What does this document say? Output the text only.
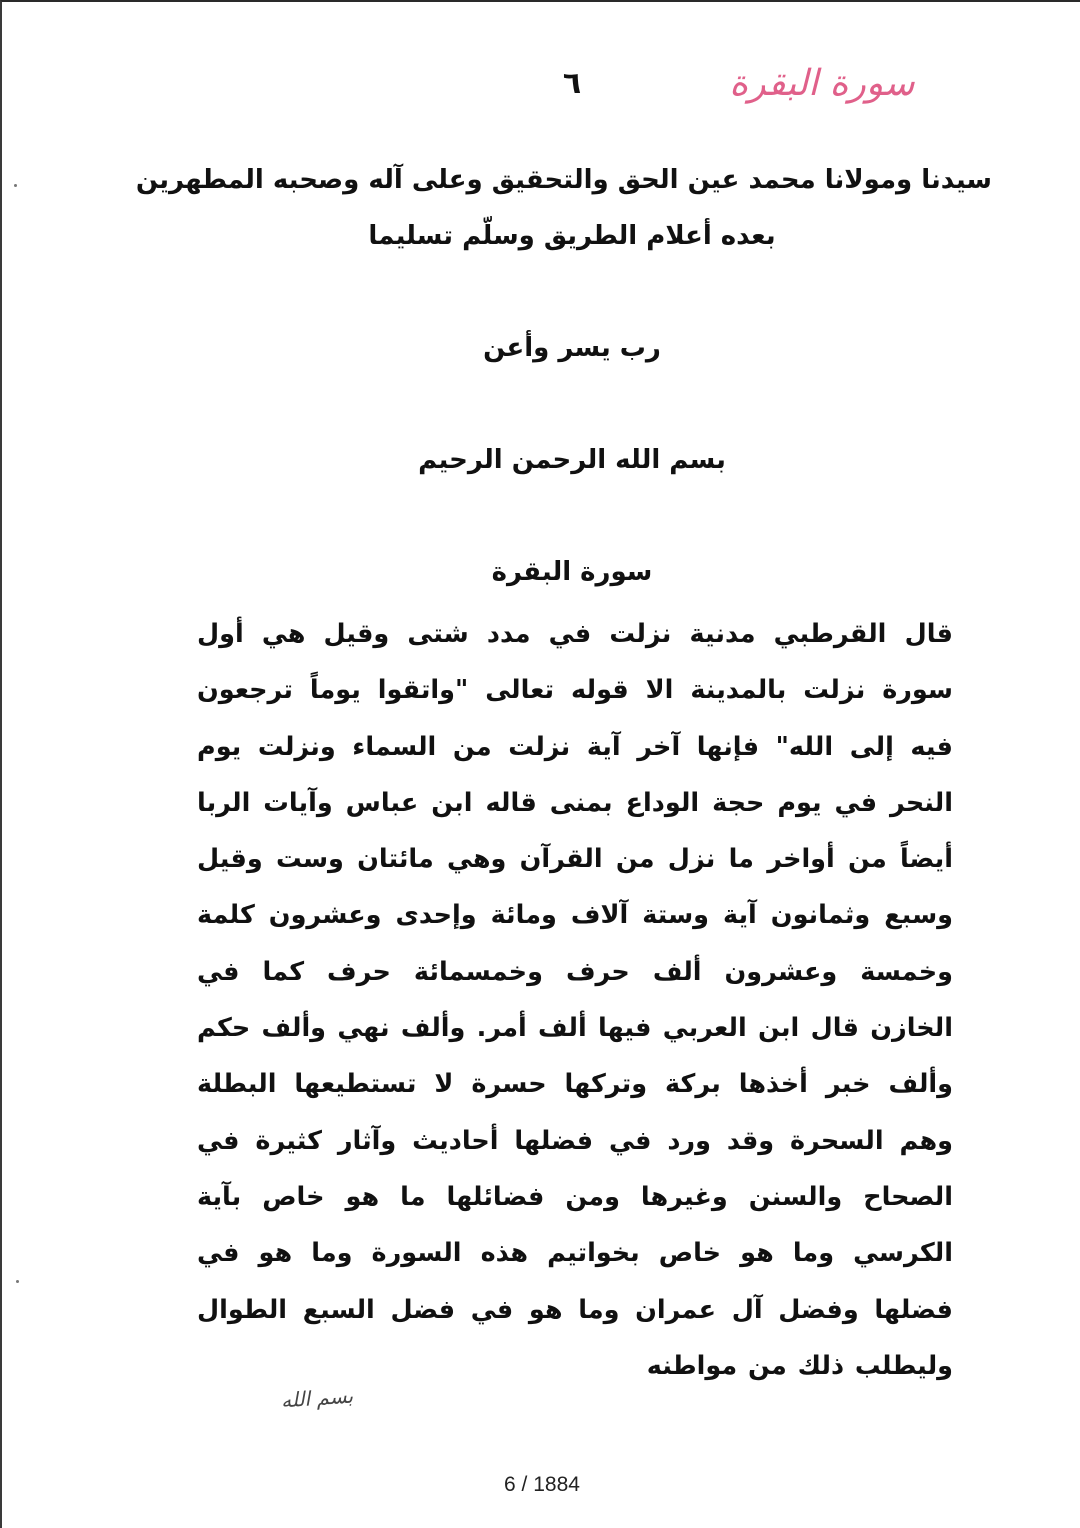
سورة البقرة
٦
سيدنا ومولانا محمد عين الحق والتحقيق وعلى آله وصحبه المطهرين
بعده أعلام الطريق وسلّم تسليما
رب يسر وأعن
بسم الله الرحمن الرحيم
سورة البقرة
قال القرطبي مدنية نزلت في مدد شتى وقيل هي أول سورة نزلت بالمدينة الا قوله تعالى "واتقوا يوماً ترجعون فيه إلى الله" فإنها آخر آية نزلت من السماء ونزلت يوم النحر في يوم حجة الوداع بمنى قاله ابن عباس وآيات الربا أيضاً من أواخر ما نزل من القرآن وهي مائتان وست وقيل وسبع وثمانون آية وستة آلاف ومائة وإحدى وعشرون كلمة وخمسة وعشرون ألف حرف وخمسمائة حرف كما في الخازن قال ابن العربي فيها ألف أمر. وألف نهي وألف حكم وألف خبر أخذها بركة وتركها حسرة لا تستطيعها البطلة وهم السحرة وقد ورد في فضلها أحاديث وآثار كثيرة في الصحاح والسنن وغيرها ومن فضائلها ما هو خاص بآية الكرسي وما هو خاص بخواتيم هذه السورة وما هو في فضلها وفضل آل عمران وما هو في فضل السبع الطوال وليطلب ذلك من مواطنه
بسم الله
6 / 1884
